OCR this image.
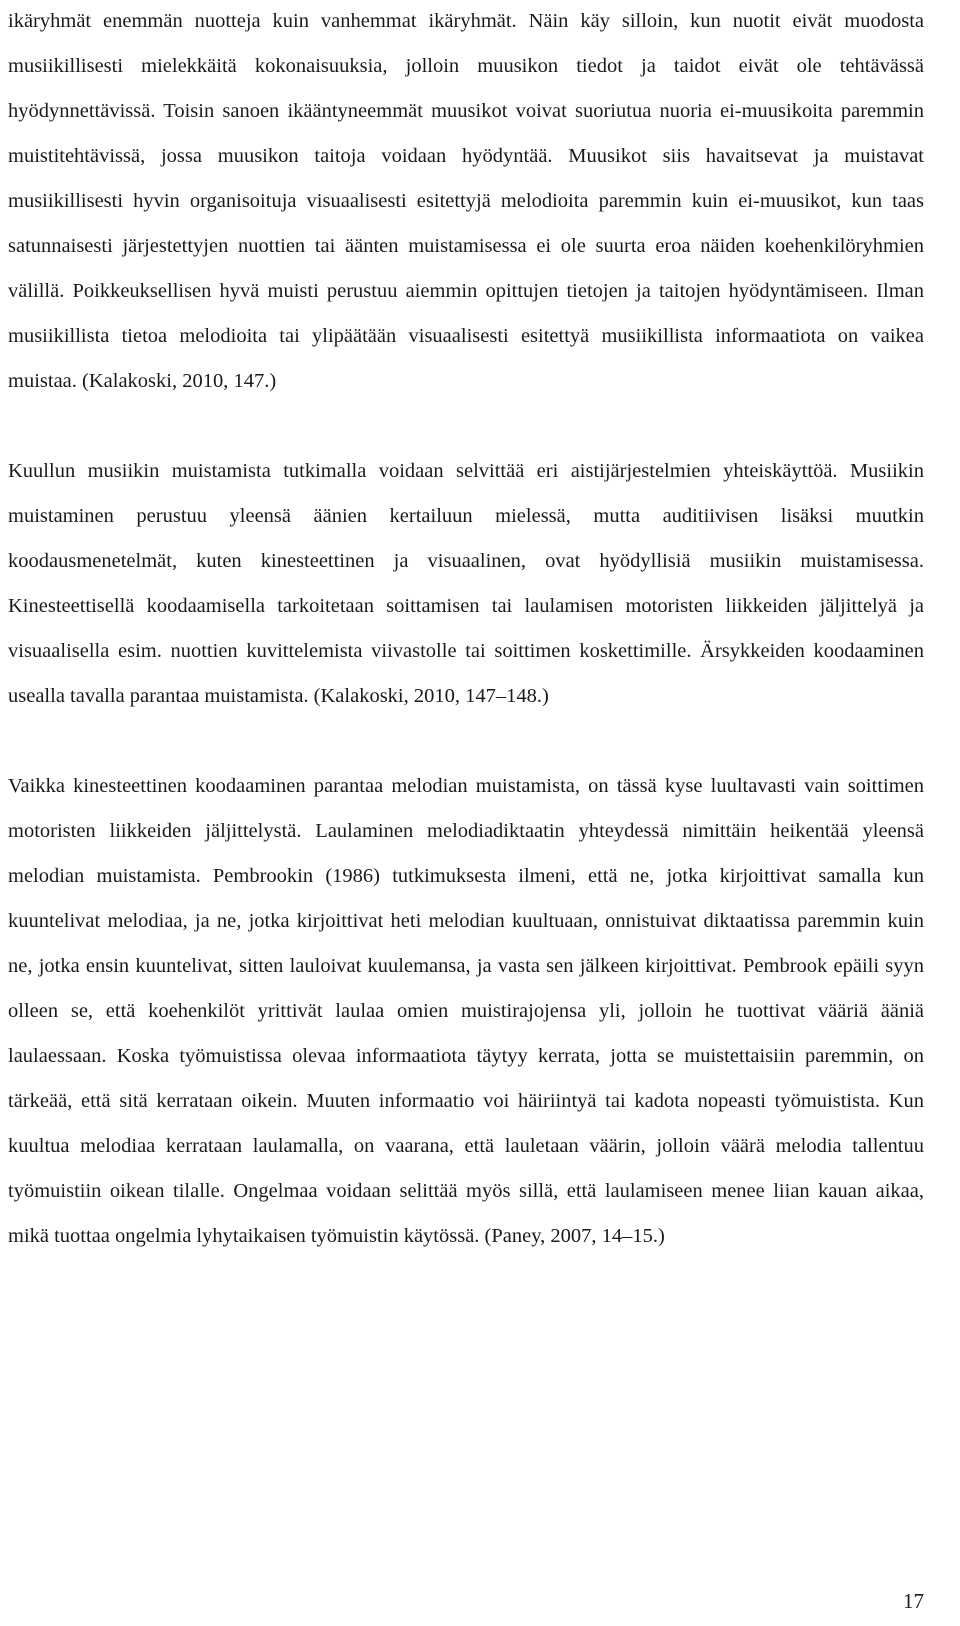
ikäryhmät enemmän nuotteja kuin vanhemmat ikäryhmät. Näin käy silloin, kun nuotit eivät muodosta musiikillisesti mielekkäitä kokonaisuuksia, jolloin muusikon tiedot ja taidot eivät ole tehtävässä hyödynnettävissä. Toisin sanoen ikääntyneemmät muusikot voivat suoriutua nuoria ei-muusikoita paremmin muistitehtävissä, jossa muusikon taitoja voidaan hyödyntää. Muusikot siis havaitsevat ja muistavat musiikillisesti hyvin organisoituja visuaalisesti esitettyjä melodioita paremmin kuin ei-muusikot, kun taas satunnaisesti järjestettyjen nuottien tai äänten muistamisessa ei ole suurta eroa näiden koehenkilöryhmien välillä. Poikkeuksellisen hyvä muisti perustuu aiemmin opittujen tietojen ja taitojen hyödyntämiseen. Ilman musiikillista tietoa melodioita tai ylipäätään visuaalisesti esitettyä musiikillista informaatiota on vaikea muistaa. (Kalakoski, 2010, 147.)

Kuullun musiikin muistamista tutkimalla voidaan selvittää eri aistijärjestelmien yhteiskäyttöä. Musiikin muistaminen perustuu yleensä äänien kertailuun mielessä, mutta auditiivisen lisäksi muutkin koodausmenetelmät, kuten kinesteettinen ja visuaalinen, ovat hyödyllisiä musiikin muistamisessa. Kinesteettisellä koodaamisella tarkoitetaan soittamisen tai laulamisen motoristen liikkeiden jäljittelyä ja visuaalisella esim. nuottien kuvittelemista viivastolle tai soittimen koskettimille. Ärsykkeiden koodaaminen usealla tavalla parantaa muistamista. (Kalakoski, 2010, 147–148.)

Vaikka kinesteettinen koodaaminen parantaa melodian muistamista, on tässä kyse luultavasti vain soittimen motoristen liikkeiden jäljittelystä. Laulaminen melodiadiktaatin yhteydessä nimittäin heikentää yleensä melodian muistamista. Pembrookin (1986) tutkimuksesta ilmeni, että ne, jotka kirjoittivat samalla kun kuuntelivat melodiaa, ja ne, jotka kirjoittivat heti melodian kuultuaan, onnistuivat diktaatissa paremmin kuin ne, jotka ensin kuuntelivat, sitten lauloivat kuulemansa, ja vasta sen jälkeen kirjoittivat. Pembrook epäili syyn olleen se, että koehenkilöt yrittivät laulaa omien muistirajojensa yli, jolloin he tuottivat vääriä ääniä laulaessaan. Koska työmuistissa olevaa informaatiota täytyy kerrata, jotta se muistettaisiin paremmin, on tärkeää, että sitä kerrataan oikein. Muuten informaatio voi häiriintyä tai kadota nopeasti työmuistista. Kun kuultua melodiaa kerrataan laulamalla, on vaarana, että lauletaan väärin, jolloin väärä melodia tallentuu työmuistiin oikean tilalle. Ongelmaa voidaan selittää myös sillä, että laulamiseen menee liian kauan aikaa, mikä tuottaa ongelmia lyhytaikaisen työmuistin käytössä. (Paney, 2007, 14–15.)

17
